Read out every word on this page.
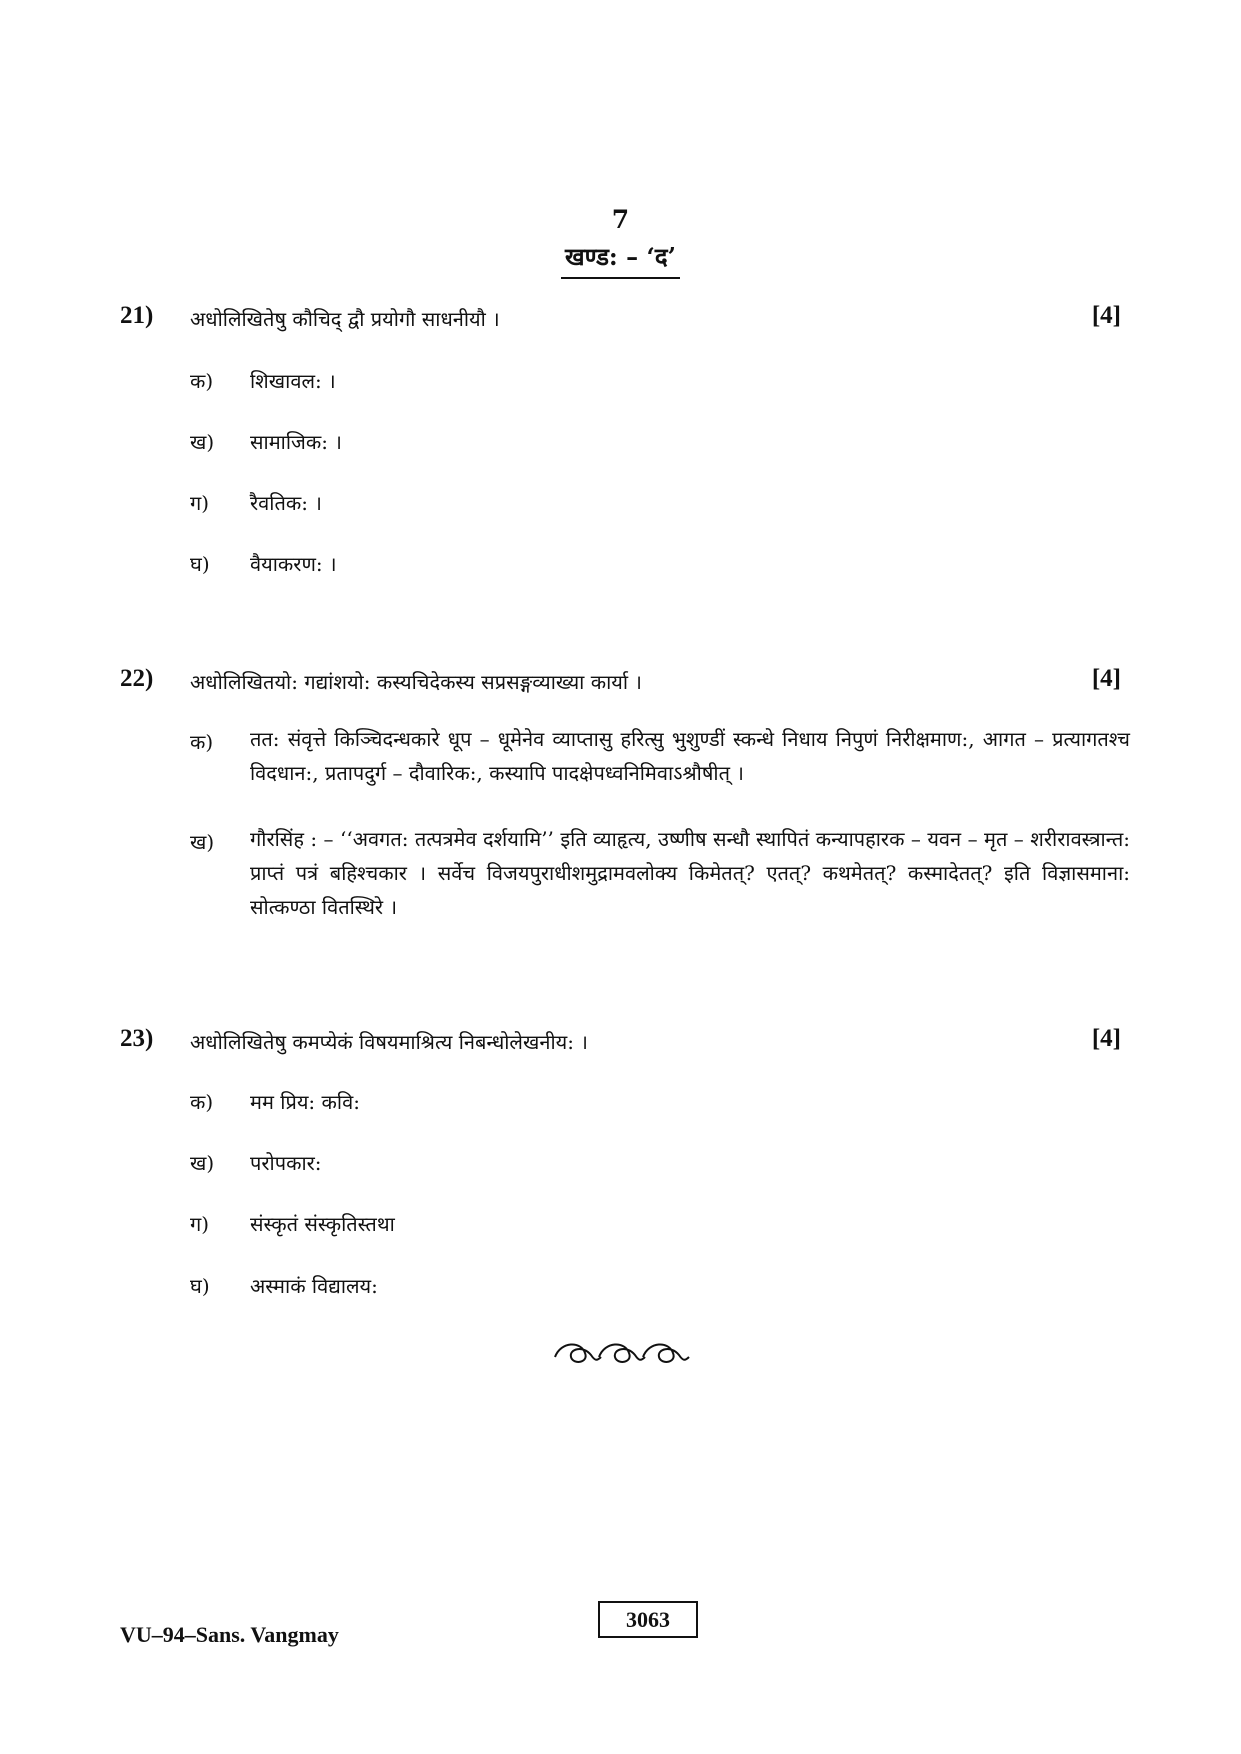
7
खण्ड: – ‘द’
21) अधोलिखितेषु कौचिद् द्वौ प्रयोगौ साधनीयौ ।	[4]
क) शिखावल: ।
ख) सामाजिक: ।
ग) रैवतिक: ।
घ) वैयाकरण: ।
22) अधोलिखितयो: गद्यांशयो: कस्यचिदेकस्य सप्रसङ्गव्याख्या कार्या ।	[4]
क) तत: संवृत्ते किञ्चिदन्धकारे धूप – धूमेनेव व्याप्तासु हरित्सु भुशुण्डीं स्कन्धे निधाय निपुणं निरीक्षमाण:, आगत – प्रत्यागतश्च विदधान:, प्रतापदुर्ग – दौवारिक:, कस्यापि पादक्षेपध्वनिमिवाऽश्रौषीत् ।
ख) गौरसिंह : – ‘‘अवगत: तत्पत्रमेव दर्शयामि’’ इति व्याहृत्य, उष्णीष सन्धौ स्थापितं कन्यापहारक – यवन – मृत – शरीरावस्त्रान्त: प्राप्तं पत्रं बहिश्चकार । सर्वेच विजयपुराधीशमुद्रामवलोक्य किमेतत्? एतत्? कथमेतत्? कस्मादेतत्? इति विज्ञासमाना: सोत्कण्ठा वितस्थिरे ।
23) अधोलिखितेषु कमप्येकं विषयमाश्रित्य निबन्धोलेखनीय: ।	[4]
क) मम प्रिय: कवि:
ख) परोपकार:
ग) संस्कृतं संस्कृतिस्तथा
घ) अस्माकं विद्यालय:
VU–94–Sans. Vangmay
3063
